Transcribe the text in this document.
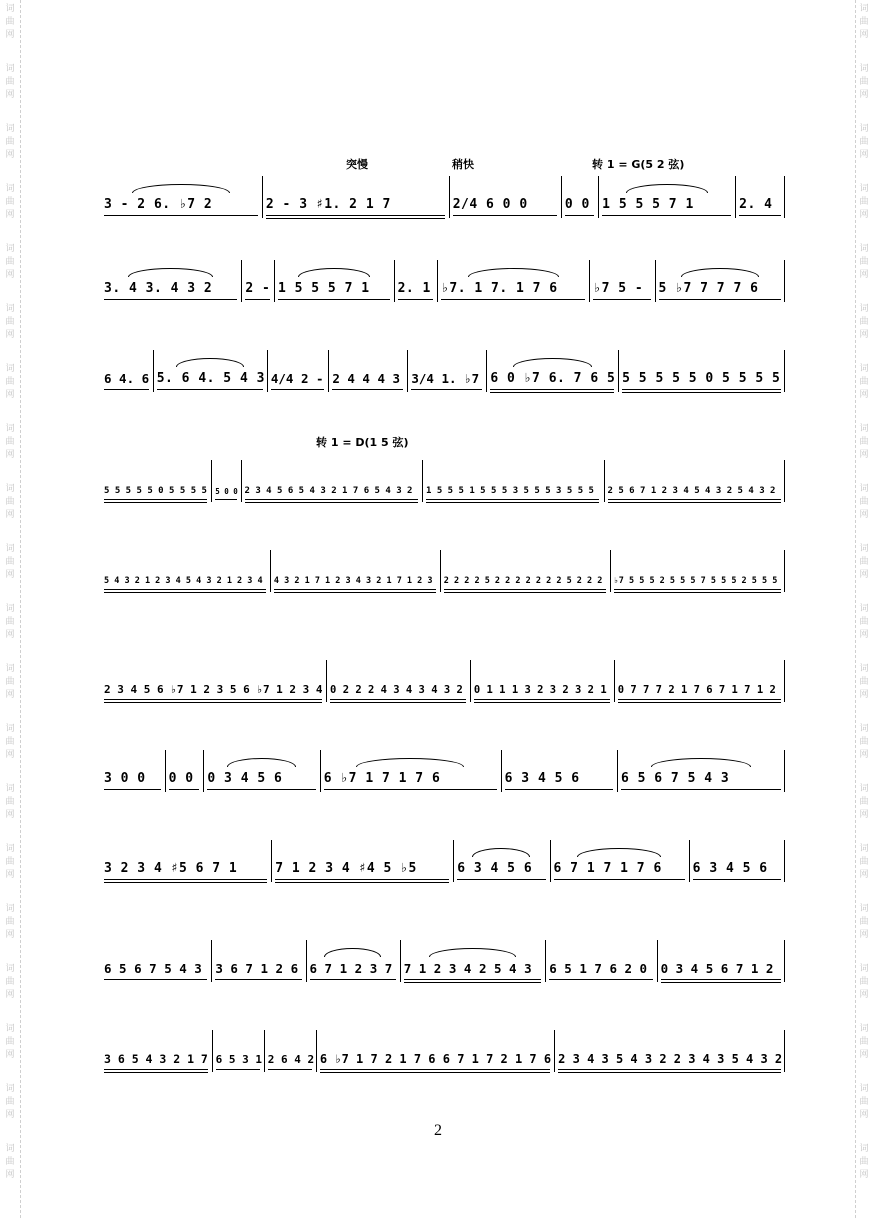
词
曲
网
词
曲
网
词
曲
网
词
曲
网
词
曲
网
词
曲
网
词
曲
网
词
曲
网
词
曲
网
词
曲
网
词
曲
网
词
曲
网
词
曲
网
词
曲
网
词
曲
网
词
曲
网
词
曲
网
词
曲
网
词
曲
网
词
曲
网
词
曲
网
词
曲
网
词
曲
网
词
曲
网
词
曲
网
词
曲
网
词
曲
网
词
曲
网
词
曲
网
词
曲
网
词
曲
网
词
曲
网
词
曲
网
词
曲
网
词
曲
网
词
曲
网
词
曲
网
词
曲
网
词
曲
网
词
曲
网
突慢	稍快	转 1 = G(5 2 弦)
转 1 = D(1 5 弦)
3 - 2 6. ♭7 2	2 - 3 ♯1. 2 1 7	2/4 6 0 0	0 0 1 5 5 5 7 1	2. 4
3. 4 3. 4 3 2	2 - 1 5 5 5 7 1 2. 1 ♭7. 1 7. 1 7 6	♭7 5 - 5 ♭7 7 7 7 6
6 4. 6 5. 6 4. 5 4 3 4/4 2 - 2 4 4 4 3 3/4 1. ♭7 6 0 ♭7 6. 7 6 5 5 5 5 5 5 0 5 5 5 5
5 5 5 5 5 0 5 5 5 5 5 0 0 2 3 4 5 6 5 4 3 2 1 7 6 5 4 3 2 1 5 5 5 1 5 5 5 3 5 5 5 3 5 5 5 2 5 6 7 1 2 3 4 5 4 3 2 5 4 3 2
5 4 3 2 1 2 3 4 5 4 3 2 1 2 3 4 4 3 2 1 7 1 2 3 4 3 2 1 7 1 2 3 2 2 2 2 5 2 2 2 2 2 2 2 5 2 2 2 ♭7 5 5 5 2 5 5 5 7 5 5 5 2 5 5 5
2 3 4 5 6 ♭7 1 2 3 5 6 ♭7 1 2 3 4 0 2 2 2 4 3 4 3 4 3 2 0 1 1 1 3 2 3 2 3 2 1 0 7 7 7 2 1 7 6 7 1 7 1 2
3 0 0 0 0 0 3 4 5 6	6 ♭7 1 7 1 7 6	6 3 4 5 6	6 5 6 7 5 4 3
3 2 3 4 ♯5 6 7 1	7 1 2 3 4 ♯4 5 ♭5	6 3 4 5 6 6 7 1 7 1 7 6 6 3 4 5 6
6 5 6 7 5 4 3 3 6 7 1 2 6 6 7 1 2 3 7 7 1 2 3 4 2 5 4 3 6 5 1 7 6 2 0 0 3 4 5 6 7 1 2
3 6 5 4 3 2 1 7 6 5 3 1 2 6 4 2 6 ♭7 1 7 2 1 7 6 6 7 1 7 2 1 7 6 2 3 4 3 5 4 3 2 2 3 4 3 5 4 3 2
2
